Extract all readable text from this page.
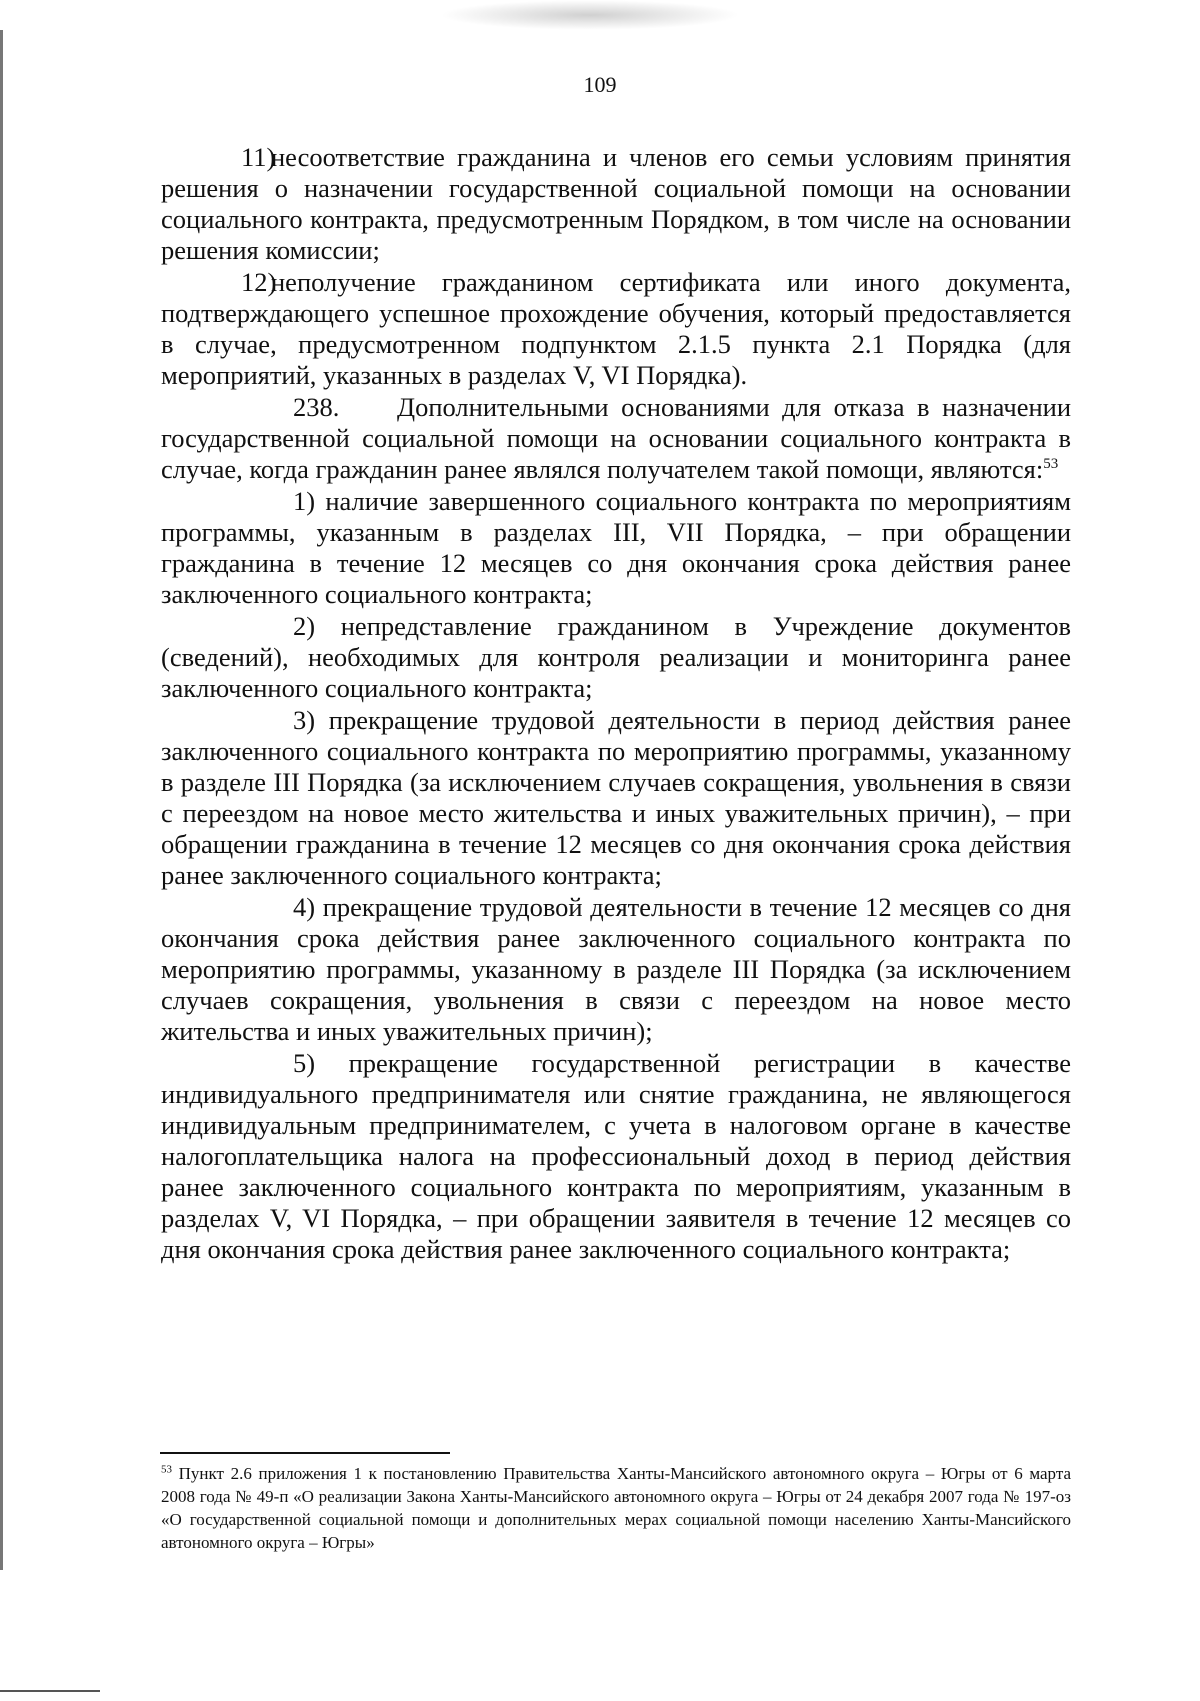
109

11)несоответствие гражданина и членов его семьи условиям принятия решения о назначении государственной социальной помощи на основании социального контракта, предусмотренным Порядком, в том числе на основании решения комиссии;

12)неполучение гражданином сертификата или иного документа, подтверждающего успешное прохождение обучения, который предоставляется в случае, предусмотренном подпунктом 2.1.5 пункта 2.1 Порядка (для мероприятий, указанных в разделах V, VI Порядка).

238. Дополнительными основаниями для отказа в назначении государственной социальной помощи на основании социального контракта в случае, когда гражданин ранее являлся получателем такой помощи, являются:$^{53}$

1) наличие завершенного социального контракта по мероприятиям программы, указанным в разделах III, VII Порядка, – при обращении гражданина в течение 12 месяцев со дня окончания срока действия ранее заключенного социального контракта;

2) непредставление гражданином в Учреждение документов (сведений), необходимых для контроля реализации и мониторинга ранее заключенного социального контракта;

3) прекращение трудовой деятельности в период действия ранее заключенного социального контракта по мероприятию программы, указанному в разделе III Порядка (за исключением случаев сокращения, увольнения в связи с переездом на новое место жительства и иных уважительных причин), – при обращении гражданина в течение 12 месяцев со дня окончания срока действия ранее заключенного социального контракта;

4) прекращение трудовой деятельности в течение 12 месяцев со дня окончания срока действия ранее заключенного социального контракта по мероприятию программы, указанному в разделе III Порядка (за исключением случаев сокращения, увольнения в связи с переездом на новое место жительства и иных уважительных причин);

5) прекращение государственной регистрации в качестве индивидуального предпринимателя или снятие гражданина, не являющегося индивидуальным предпринимателем, с учета в налоговом органе в качестве налогоплательщика налога на профессиональный доход в период действия ранее заключенного социального контракта по мероприятиям, указанным в разделах V, VI Порядка, – при обращении заявителя в течение 12 месяцев со дня окончания срока действия ранее заключенного социального контракта;

$^{53}$ Пункт 2.6 приложения 1 к постановлению Правительства Ханты-Мансийского автономного округа – Югры от 6 марта 2008 года № 49-п «О реализации Закона Ханты-Мансийского автономного округа – Югры от 24 декабря 2007 года № 197-оз «О государственной социальной помощи и дополнительных мерах социальной помощи населению Ханты-Мансийского автономного округа – Югры»
